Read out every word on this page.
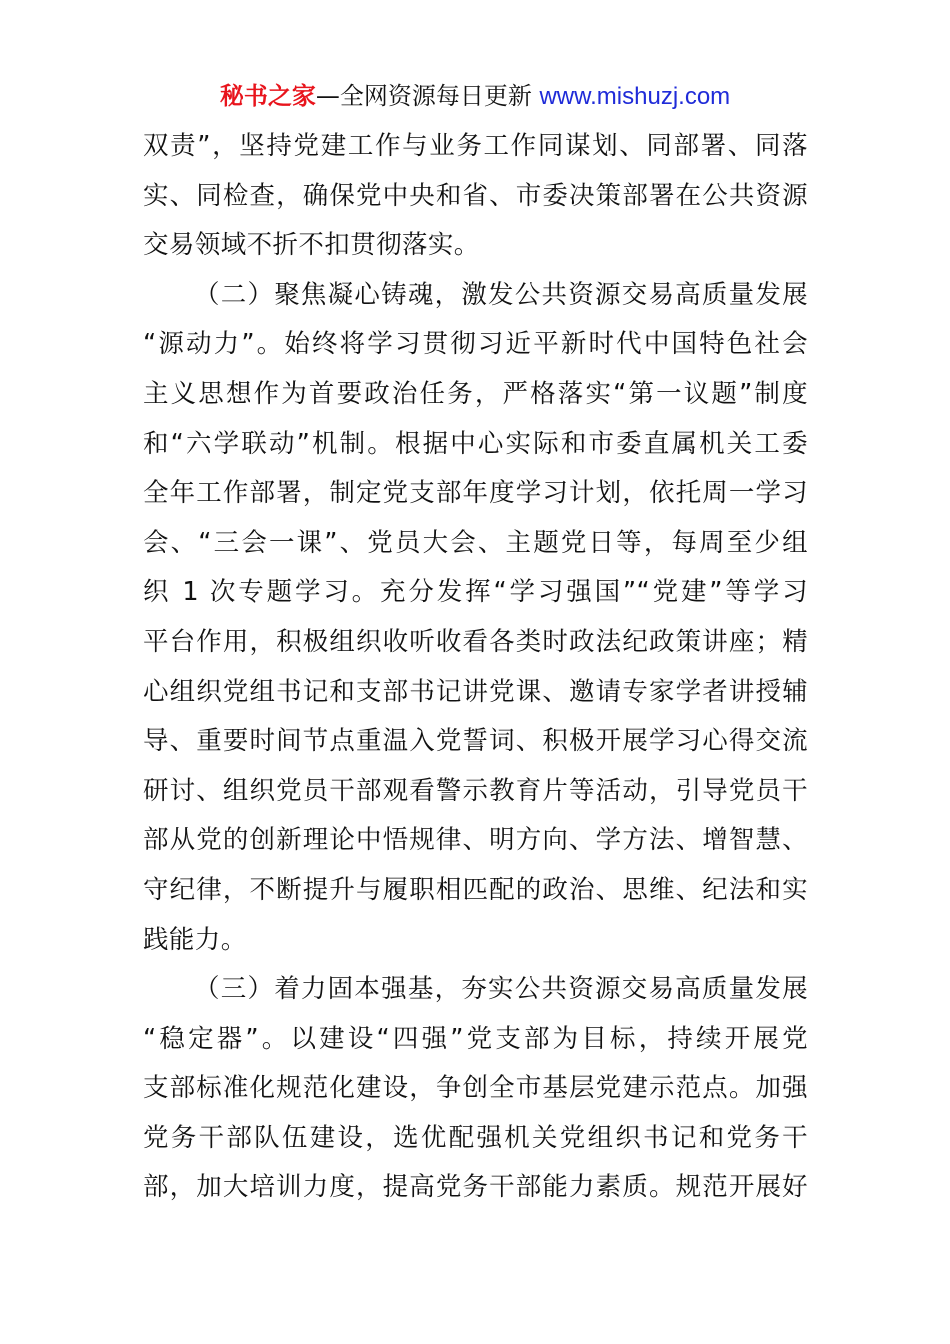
秘书之家—全网资源每日更新 www.mishuzj.com
双责”，坚持党建工作与业务工作同谋划、同部署、同落
实、同检查，确保党中央和省、市委决策部署在公共资源
交易领域不折不扣贯彻落实。
（二）聚焦凝心铸魂，激发公共资源交易高质量发展
“源动力”。始终将学习贯彻习近平新时代中国特色社会
主义思想作为首要政治任务，严格落实“第一议题”制度
和“六学联动”机制。根据中心实际和市委直属机关工委
全年工作部署，制定党支部年度学习计划，依托周一学习
会、“三会一课”、党员大会、主题党日等，每周至少组
织 1 次专题学习。充分发挥“学习强国”“党建”等学习
平台作用，积极组织收听收看各类时政法纪政策讲座；精
心组织党组书记和支部书记讲党课、邀请专家学者讲授辅
导、重要时间节点重温入党誓词、积极开展学习心得交流
研讨、组织党员干部观看警示教育片等活动，引导党员干
部从党的创新理论中悟规律、明方向、学方法、增智慧、
守纪律，不断提升与履职相匹配的政治、思维、纪法和实
践能力。
（三）着力固本强基，夯实公共资源交易高质量发展
“稳定器”。以建设“四强”党支部为目标，持续开展党
支部标准化规范化建设，争创全市基层党建示范点。加强
党务干部队伍建设，选优配强机关党组织书记和党务干
部，加大培训力度，提高党务干部能力素质。规范开展好
